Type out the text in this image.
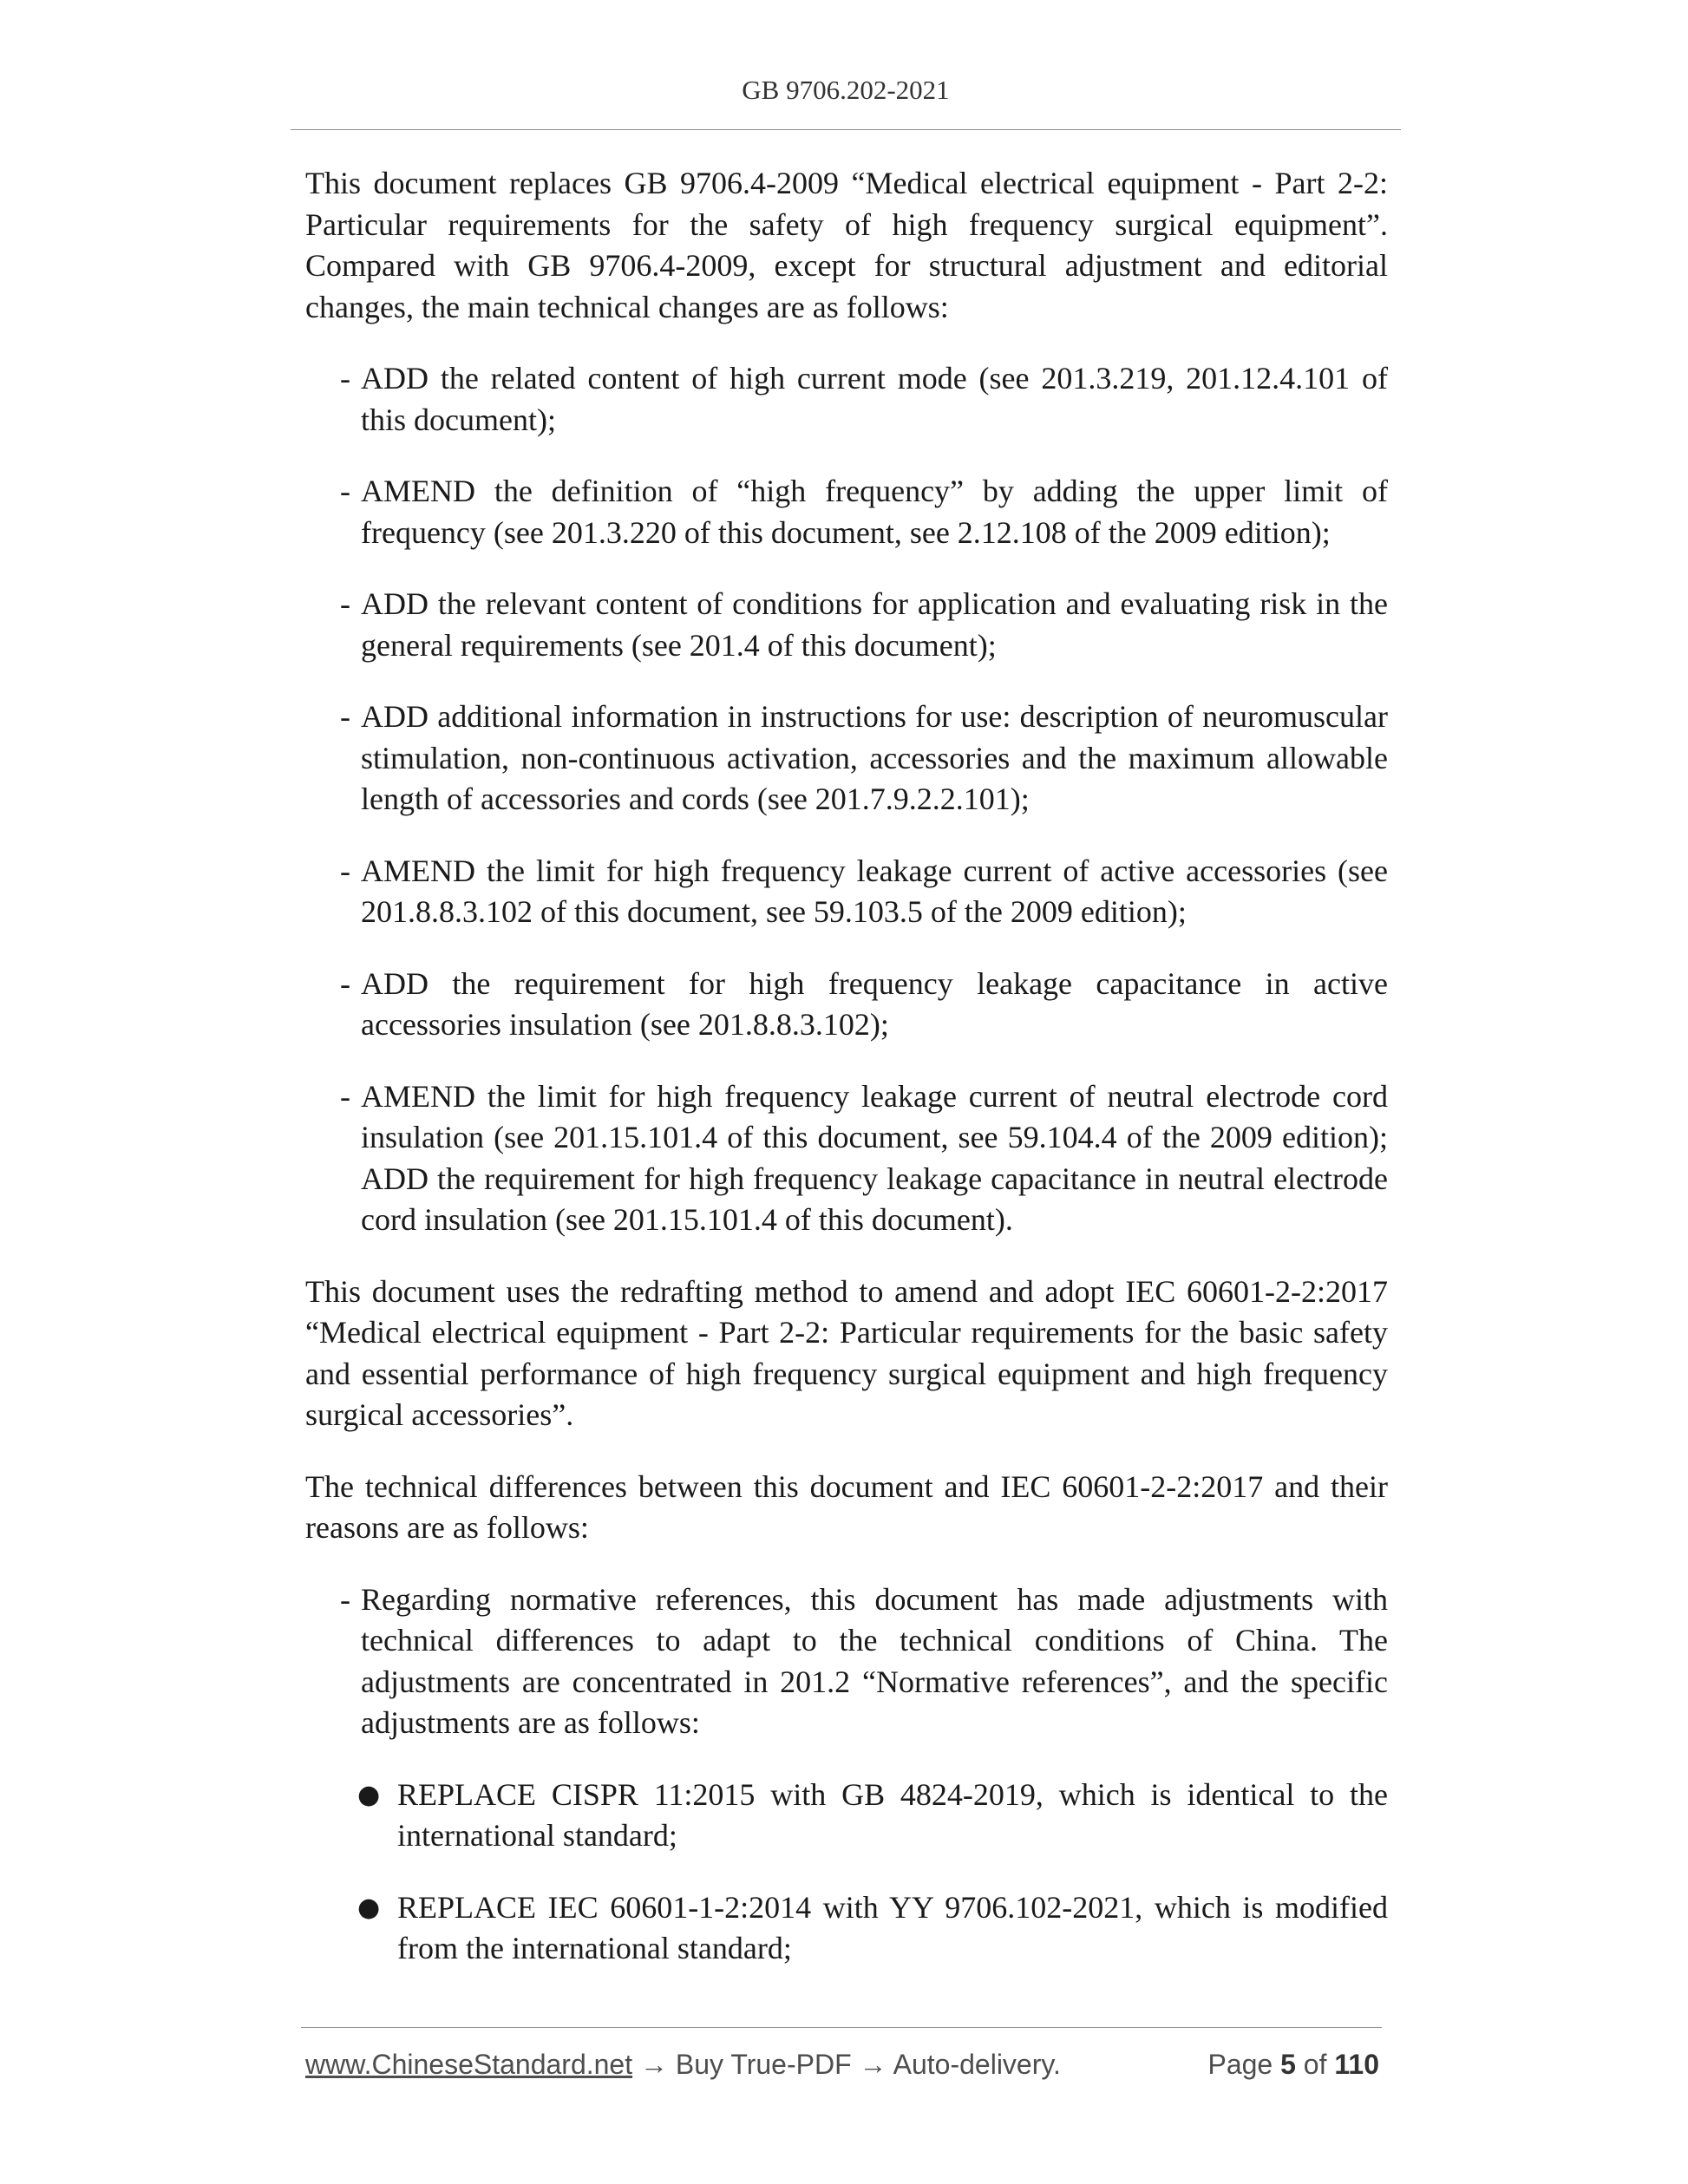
GB 9706.202-2021

This document replaces GB 9706.4-2009 “Medical electrical equipment - Part 2-2: Particular requirements for the safety of high frequency surgical equipment”. Compared with GB 9706.4-2009, except for structural adjustment and editorial changes, the main technical changes are as follows:

- ADD the related content of high current mode (see 201.3.219, 201.12.4.101 of this document);
- AMEND the definition of “high frequency” by adding the upper limit of frequency (see 201.3.220 of this document, see 2.12.108 of the 2009 edition);
- ADD the relevant content of conditions for application and evaluating risk in the general requirements (see 201.4 of this document);
- ADD additional information in instructions for use: description of neuromuscular stimulation, non-continuous activation, accessories and the maximum allowable length of accessories and cords (see 201.7.9.2.2.101);
- AMEND the limit for high frequency leakage current of active accessories (see 201.8.8.3.102 of this document, see 59.103.5 of the 2009 edition);
- ADD the requirement for high frequency leakage capacitance in active accessories insulation (see 201.8.8.3.102);
- AMEND the limit for high frequency leakage current of neutral electrode cord insulation (see 201.15.101.4 of this document, see 59.104.4 of the 2009 edition); ADD the requirement for high frequency leakage capacitance in neutral electrode cord insulation (see 201.15.101.4 of this document).

This document uses the redrafting method to amend and adopt IEC 60601-2-2:2017 “Medical electrical equipment - Part 2-2: Particular requirements for the basic safety and essential performance of high frequency surgical equipment and high frequency surgical accessories”.

The technical differences between this document and IEC 60601-2-2:2017 and their reasons are as follows:

- Regarding normative references, this document has made adjustments with technical differences to adapt to the technical conditions of China. The adjustments are concentrated in 201.2 “Normative references”, and the specific adjustments are as follows:
● REPLACE CISPR 11:2015 with GB 4824-2019, which is identical to the international standard;
● REPLACE IEC 60601-1-2:2014 with YY 9706.102-2021, which is modified from the international standard;
www.ChineseStandard.net → Buy True-PDF → Auto-delivery.	Page 5 of 110
